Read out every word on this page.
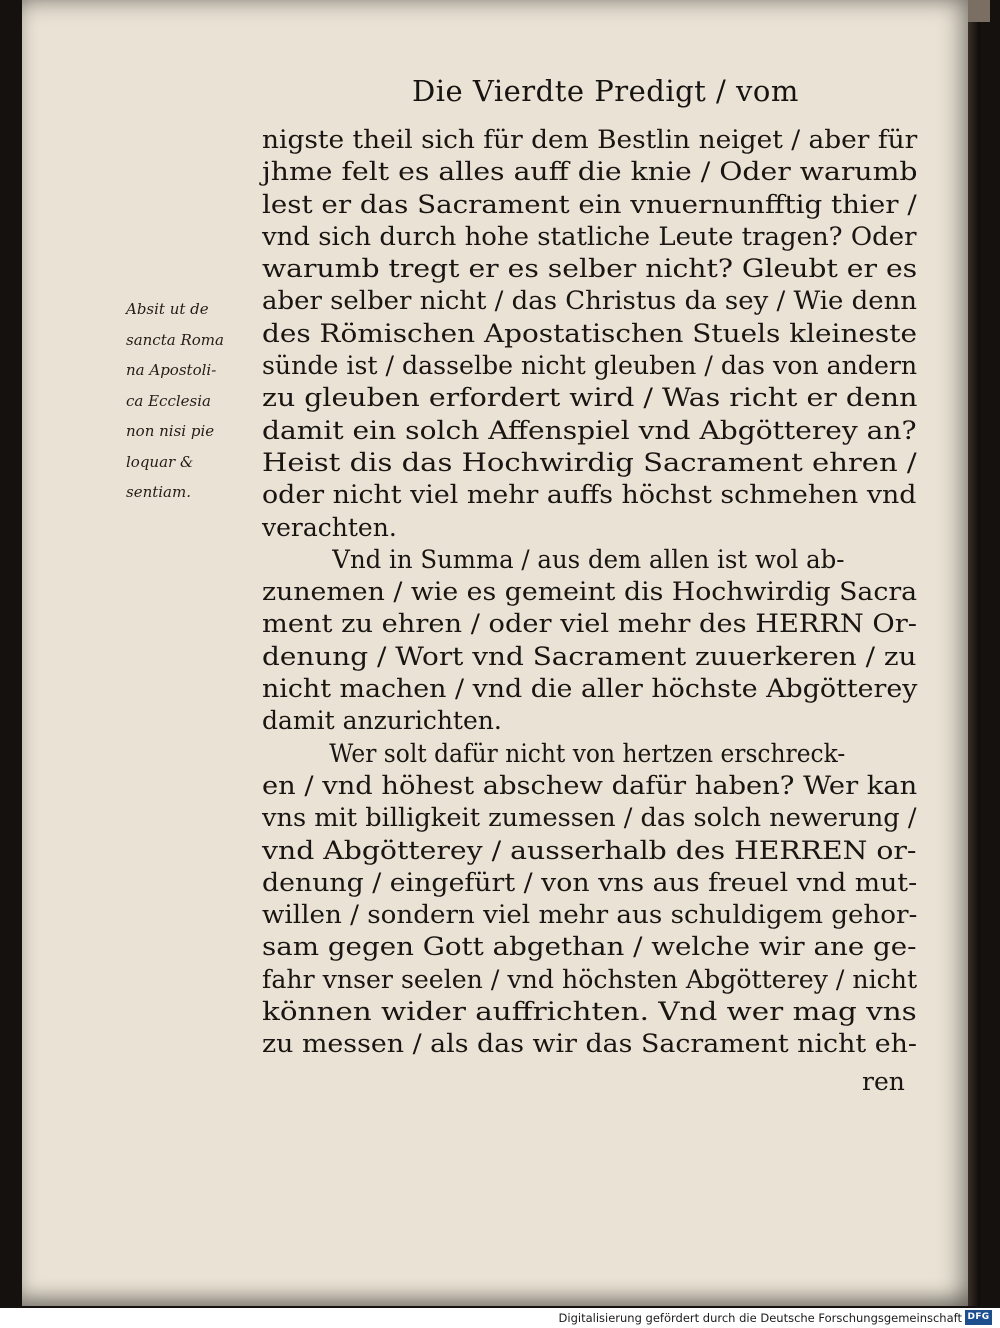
Die Vierdte Predigt / vom
Absit ut de
sancta Roma
na Apostoli-
ca Ecclesia
non nisi pie
loquar &
sentiam.
nigste theil sich für dem Bestlin neiget / aber für
jhme felt es alles auff die knie / Oder warumb
lest er das Sacrament ein vnuernunfftig thier /
vnd sich durch hohe statliche Leute tragen? Oder
warumb tregt er es selber nicht? Gleubt er es
aber selber nicht / das Christus da sey / Wie denn
des Römischen Apostatischen Stuels kleineste
sünde ist / dasselbe nicht gleuben / das von andern
zu gleuben erfordert wird / Was richt er denn
damit ein solch Affenspiel vnd Abgötterey an?
Heist dis das Hochwirdig Sacrament ehren /
oder nicht viel mehr auffs höchst schmehen vnd
verachten.
Vnd in Summa / aus dem allen ist wol ab-
zunemen / wie es gemeint dis Hochwirdig Sacra
ment zu ehren / oder viel mehr des HERRN Or-
denung / Wort vnd Sacrament zuuerkeren / zu
nicht machen / vnd die aller höchste Abgötterey
damit anzurichten.
Wer solt dafür nicht von hertzen erschreck-
en / vnd höhest abschew dafür haben? Wer kan
vns mit billigkeit zumessen / das solch newerung /
vnd Abgötterey / ausserhalb des HERREN or-
denung / eingefürt / von vns aus freuel vnd mut-
willen / sondern viel mehr aus schuldigem gehor-
sam gegen Gott abgethan / welche wir ane ge-
fahr vnser seelen / vnd höchsten Abgötterey / nicht
können wider auffrichten. Vnd wer mag vns
zu messen / als das wir das Sacrament nicht eh-
ren
Digitalisierung gefördert durch die Deutsche Forschungsgemeinschaft DFG
